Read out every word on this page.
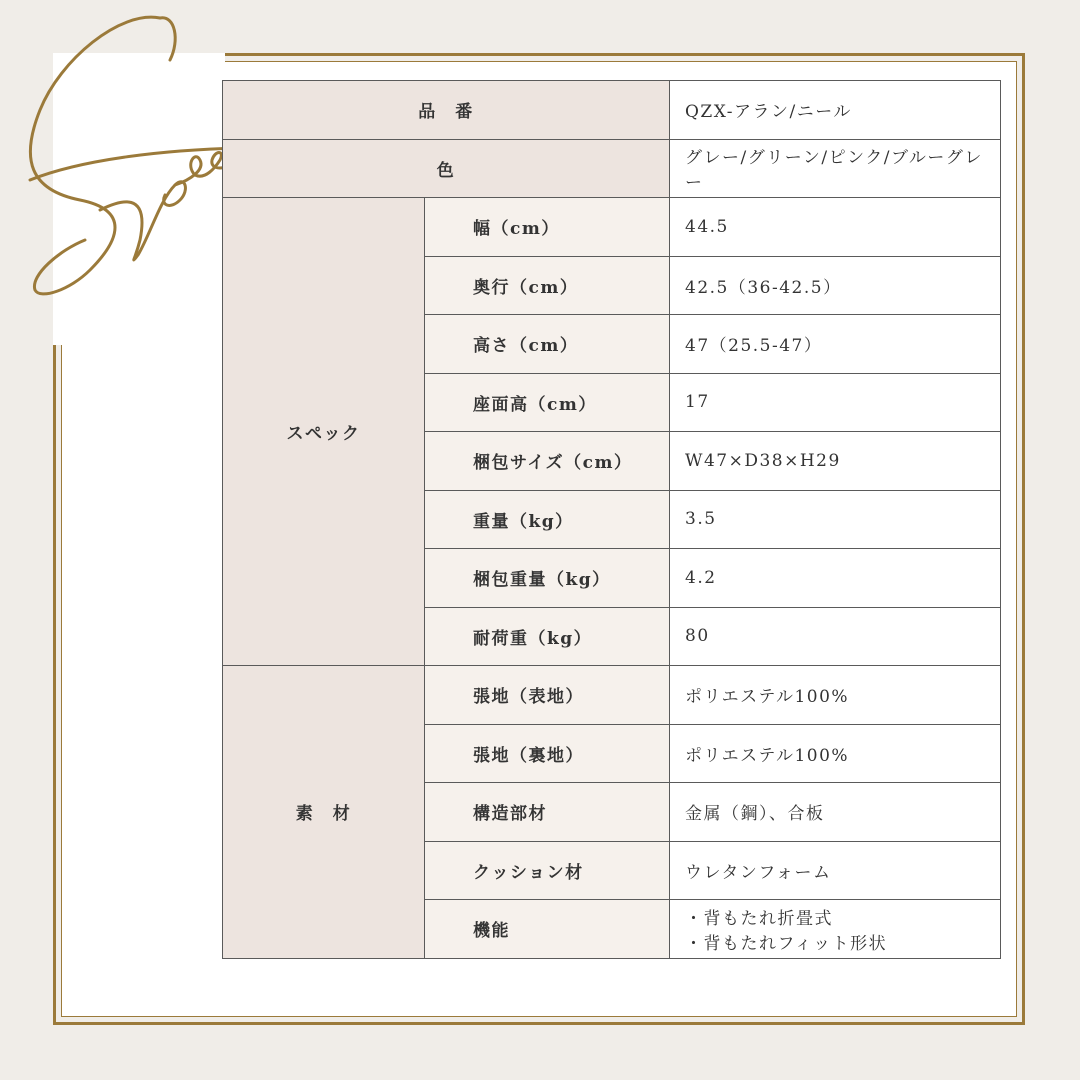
品　番		QZX-アラン/ニール
色		グレー/グリーン/ピンク/ブルーグレー
スペック	幅（cm）	44.5
	奥行（cm）	42.5（36-42.5）
	高さ（cm）	47（25.5-47）
	座面高（cm）	17
	梱包サイズ（cm）	W47×D38×H29
	重量（kg）	3.5
	梱包重量（kg）	4.2
	耐荷重（kg）	80
素　材	張地（表地）	ポリエステル100%
	張地（裏地）	ポリエステル100%
	構造部材	金属（鋼）、合板
	クッション材	ウレタンフォーム
	機能	・背もたれ折畳式
・背もたれフィット形状
